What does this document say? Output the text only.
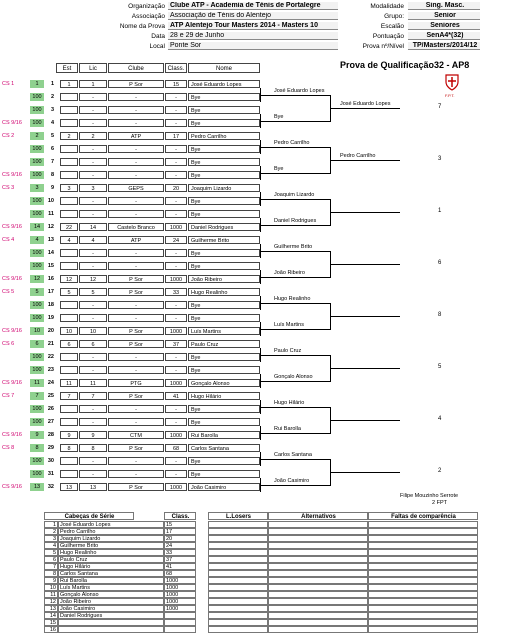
Organização Clube ATP - Academia de Ténis de Portalegre
Associação Associação de Ténis do Alentejo
Nome da Prova ATP Alentejo Tour Masters 2014 - Masters 10
Data 28 e 29 de Junho
Local Ponte Sor
Modalidade	Sing. Masc.
Grupo:	Senior
Escalão	Seniores
Pontuação	SenA4*(32)
Prova nº/Nível	TP/Masters/2014/12
Est	Lic	Clube	Class.	Nome	Prova de Qualificação32 - AP8
F.P.T.
CS 1	1	1	1	1	P Sor	15	José Eduardo Lopes
100	2	-	-	-	Bye
100	3	-	-	-	Bye
CS 9/16	100	4	-	-	-	Bye
CS 2	2	5	2	2	ATP	17	Pedro Carrilho
100	6	-	-	-	Bye
100	7	-	-	-	Bye
CS 9/16	100	8	-	-	-	Bye
CS 3	3	9	3	3	GEPS	20	Joaquim Lizardo
100	10	-	-	-	Bye
100	11	-	-	-	Bye
CS 9/16	14	12	22	14	Castelo Branco	1000	Daniel Rodrigues
CS 4	4	13	4	4	ATP	24	Guilherme Brito
100	14	-	-	-	Bye
100	15	-	-	-	Bye
CS 9/16	12	16	12	12	P Sor	1000	João Ribeiro
CS 5	5	17	5	5	P Sor	33	Hugo Realinho
100	18	-	-	-	Bye
100	19	-	-	-	Bye
CS 9/16	10	20	10	10	P Sor	1000	Luís Martins
CS 6	6	21	6	6	P Sor	37	Paulo Cruz
100	22	-	-	-	Bye
100	23	-	-	-	Bye
CS 9/16	11	24	11	11	PTG	1000	Gonçalo Alonso
CS 7	7	25	7	7	P Sor	41	Hugo Hilário
100	26	-	-	-	Bye
100	27	-	-	-	Bye
CS 9/16	9	28	9	9	CTM	1000	Rui Barolla
CS 8	8	29	8	8	P Sor	68	Carlos Santana
100	30	-	-	-	Bye
100	31	-	-	-	Bye
CS 9/16	13	32	13	13	P Sor	1000	João Casimiro
José Eduardo Lopes
Bye
Pedro Carrilho
Bye
Joaquim Lizardo
Daniel Rodrigues
Guilherme Brito
João Ribeiro
Hugo Realinho
Luís Martins
Paulo Cruz
Gonçalo Alonso
Hugo Hilário
Rui Barolla
Carlos Santana
João Casimiro
José Eduardo Lopes	7
Pedro Carrilho	3
1
6
8
5
4
2
Filipe Mouzinho Serrote
2 FPT
Cabeças de Série	Class.	L.Losers	Alternativos	Faltas de comparência
1 José Eduardo Lopes	15
2 Pedro Carrilho	17
3 Joaquim Lizardo	20
4 Guilherme Brito	24
5 Hugo Realinho	33
6 Paulo Cruz	37
7 Hugo Hilário	41
8 Carlos Santana	68
9 Rui Barolla	1000
10 Luís Martins	1000
11 Gonçalo Alonso	1000
12 João Ribeiro	1000
13 João Casimiro	1000
14 Daniel Rodrigues
15
16
